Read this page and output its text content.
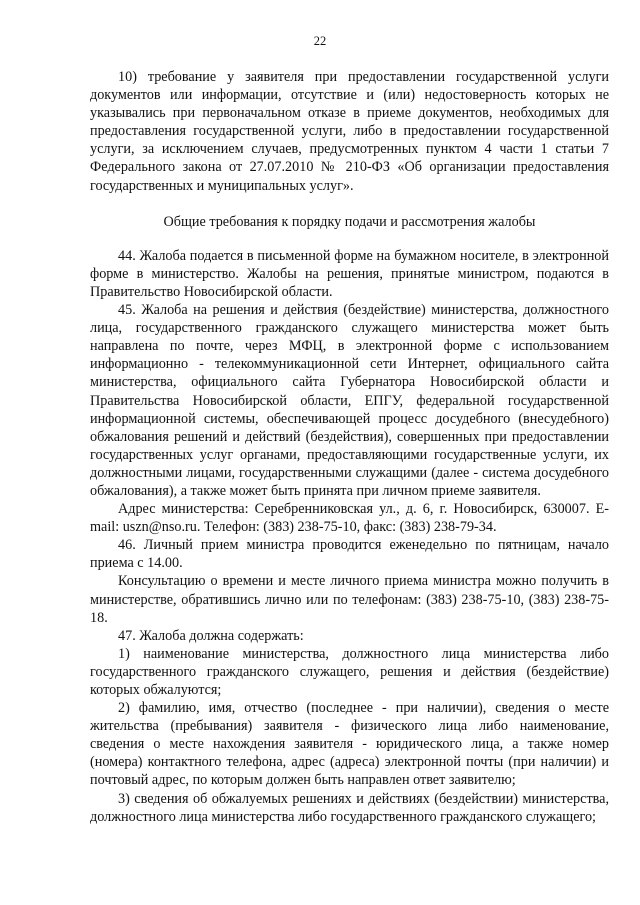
22

10) требование у заявителя при предоставлении государственной услуги документов или информации, отсутствие и (или) недостоверность которых не указывались при первоначальном отказе в приеме документов, необходимых для предоставления государственной услуги, либо в предоставлении государственной услуги, за исключением случаев, предусмотренных пунктом 4 части 1 статьи 7 Федерального закона от 27.07.2010 № 210-ФЗ «Об организации предоставления государственных и муниципальных услуг».

Общие требования к порядку подачи и рассмотрения жалобы

44. Жалоба подается в письменной форме на бумажном носителе, в электронной форме в министерство. Жалобы на решения, принятые министром, подаются в Правительство Новосибирской области.

45. Жалоба на решения и действия (бездействие) министерства, должностного лица, государственного гражданского служащего министерства может быть направлена по почте, через МФЦ, в электронной форме с использованием информационно - телекоммуникационной сети Интернет, официального сайта министерства, официального сайта Губернатора Новосибирской области и Правительства Новосибирской области, ЕПГУ, федеральной государственной информационной системы, обеспечивающей процесс досудебного (внесудебного) обжалования решений и действий (бездействия), совершенных при предоставлении государственных услуг органами, предоставляющими государственные услуги, их должностными лицами, государственными служащими (далее - система досудебного обжалования), а также может быть принята при личном приеме заявителя.

Адрес министерства: Серебренниковская ул., д. 6, г. Новосибирск, 630007. E-mail: uszn@nso.ru. Телефон: (383) 238-75-10, факс: (383) 238-79-34.

46. Личный прием министра проводится еженедельно по пятницам, начало приема с 14.00.

Консультацию о времени и месте личного приема министра можно получить в министерстве, обратившись лично или по телефонам: (383) 238-75-10, (383) 238-75-18.

47. Жалоба должна содержать:

1) наименование министерства, должностного лица министерства либо государственного гражданского служащего, решения и действия (бездействие) которых обжалуются;

2) фамилию, имя, отчество (последнее - при наличии), сведения о месте жительства (пребывания) заявителя - физического лица либо наименование, сведения о месте нахождения заявителя - юридического лица, а также номер (номера) контактного телефона, адрес (адреса) электронной почты (при наличии) и почтовый адрес, по которым должен быть направлен ответ заявителю;

3) сведения об обжалуемых решениях и действиях (бездействии) министерства, должностного лица министерства либо государственного гражданского служащего;
